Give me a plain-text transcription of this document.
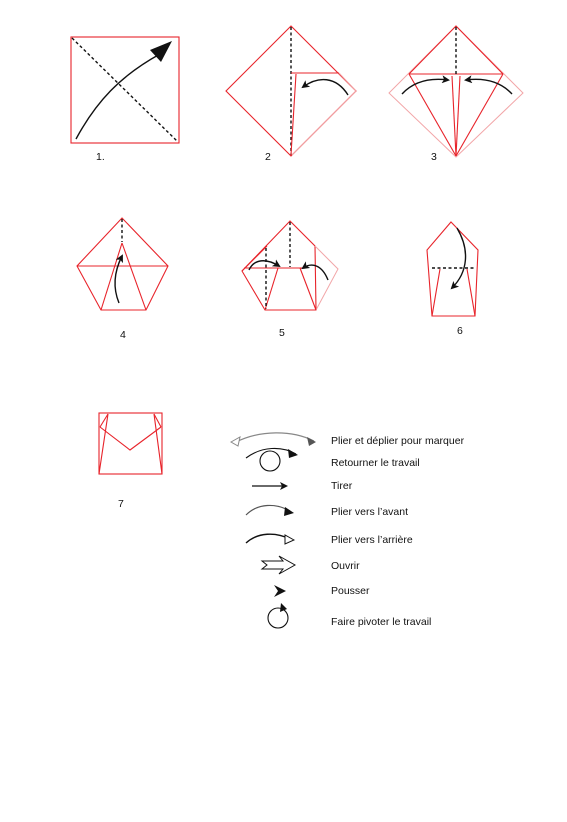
1.	2	3
4	5	6
7
Plier et déplier pour marquer
Retourner le travail
Tirer
Plier vers l’avant
Plier vers l’arrière
Ouvrir
Pousser
Faire pivoter le travail
